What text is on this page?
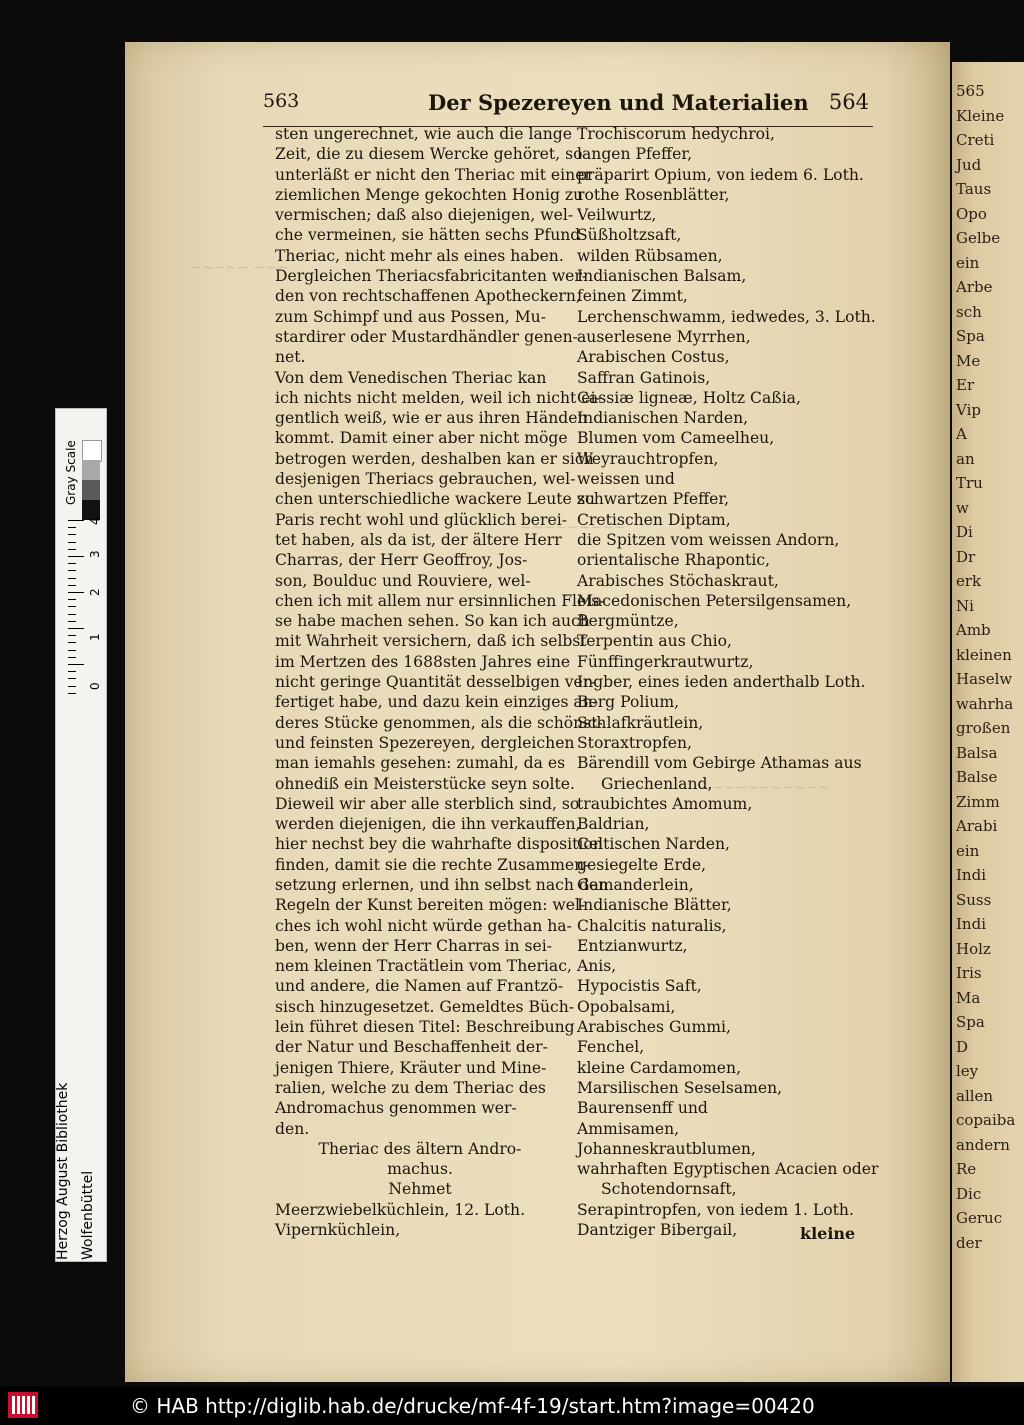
565
Kleine
Creti
Jud
Taus
Opo
Gelbe
ein
Arbe
sch
Spa
Me
Er
Vip
A
an
Tru
w
Di
Dr
erk
Ni
Amb
kleinen
Haselw
wahrha
großen
Balsa
Balse
Zimm
Arabi
ein
Indi
Suss
Indi
Holz
Iris
Ma
Spa
D
ley
allen
copaiba
andern
Re
Dic
Geruc
der
~~~~~ ~~~
~~~~~~~~~
~~~~~~~~~~~
563	Der Spezereyen und Materialien 564
sten ungerechnet, wie auch die lange
Zeit, die zu diesem Wercke gehöret, so
unterläßt er nicht den Theriac mit einer
ziemlichen Menge gekochten Honig zu
vermischen; daß also diejenigen, wel-
che vermeinen, sie hätten sechs Pfund
Theriac, nicht mehr als eines haben.
Dergleichen Theriacsfabricitanten wer-
den von rechtschaffenen Apotheckern,
zum Schimpf und aus Possen, Mu-
stardirer oder Mustardhändler genen-
net.
Von dem Venedischen Theriac kan
ich nichts nicht melden, weil ich nicht ei-
gentlich weiß, wie er aus ihren Händen
kommt. Damit einer aber nicht möge
betrogen werden, deshalben kan er sich
desjenigen Theriacs gebrauchen, wel-
chen unterschiedliche wackere Leute zu
Paris recht wohl und glücklich berei-
tet haben, als da ist, der ältere Herr
Charras, der Herr Geoffroy, Jos-
son, Boulduc und Rouviere, wel-
chen ich mit allem nur ersinnlichen Fleis-
se habe machen sehen. So kan ich auch
mit Wahrheit versichern, daß ich selbst
im Mertzen des 1688sten Jahres eine
nicht geringe Quantität desselbigen ver-
fertiget habe, und dazu kein einziges an-
deres Stücke genommen, als die schönst-
und feinsten Spezereyen, dergleichen
man iemahls gesehen: zumahl, da es
ohnediß ein Meisterstücke seyn solte.
Dieweil wir aber alle sterblich sind, so
werden diejenigen, die ihn verkauffen,
hier nechst bey die wahrhafte disposition
finden, damit sie die rechte Zusammen-
setzung erlernen, und ihn selbst nach den
Regeln der Kunst bereiten mögen: wel-
ches ich wohl nicht würde gethan ha-
ben, wenn der Herr Charras in sei-
nem kleinen Tractätlein vom Theriac,
und andere, die Namen auf Frantzö-
sisch hinzugesetzet. Gemeldtes Büch-
lein führet diesen Titel: Beschreibung
der Natur und Beschaffenheit der-
jenigen Thiere, Kräuter und Mine-
ralien, welche zu dem Theriac des
Andromachus genommen wer-
den.
Theriac des ältern Andro-
machus.
Nehmet
Meerzwiebelküchlein, 12. Loth.
Vipernküchlein,
Trochiscorum hedychroi,
langen Pfeffer,
präparirt Opium, von iedem 6. Loth.
rothe Rosenblätter,
Veilwurtz,
Süßholtzsaft,
wilden Rübsamen,
Indianischen Balsam,
feinen Zimmt,
Lerchenschwamm, iedwedes, 3. Loth.
auserlesene Myrrhen,
Arabischen Costus,
Saffran Gatinois,
Cassiæ ligneæ, Holtz Caßia,
Indianischen Narden,
Blumen vom Cameelheu,
Weyrauchtropfen,
weissen und
schwartzen Pfeffer,
Cretischen Diptam,
die Spitzen vom weissen Andorn,
orientalische Rhapontic,
Arabisches Stöchaskraut,
Macedonischen Petersilgensamen,
Bergmüntze,
Terpentin aus Chio,
Fünffingerkrautwurtz,
Ingber, eines ieden anderthalb Loth.
Berg Polium,
Schlafkräutlein,
Storaxtropfen,
Bärendill vom Gebirge Athamas aus
Griechenland,
traubichtes Amomum,
Baldrian,
Celtischen Narden,
gesiegelte Erde,
Gamanderlein,
Indianische Blätter,
Chalcitis naturalis,
Entzianwurtz,
Anis,
Hypocistis Saft,
Opobalsami,
Arabisches Gummi,
Fenchel,
kleine Cardamomen,
Marsilischen Seselsamen,
Baurensenff und
Ammisamen,
Johanneskrautblumen,
wahrhaften Egyptischen Acacien oder
Schotendornsaft,
Serapintropfen, von iedem 1. Loth.
Dantziger Bibergail,	kleine
Gray Scale
0
1
2
3
4
Herzog August Bibliothek Wolfenbüttel
© HAB http://diglib.hab.de/drucke/mf-4f-19/start.htm?image=00420
